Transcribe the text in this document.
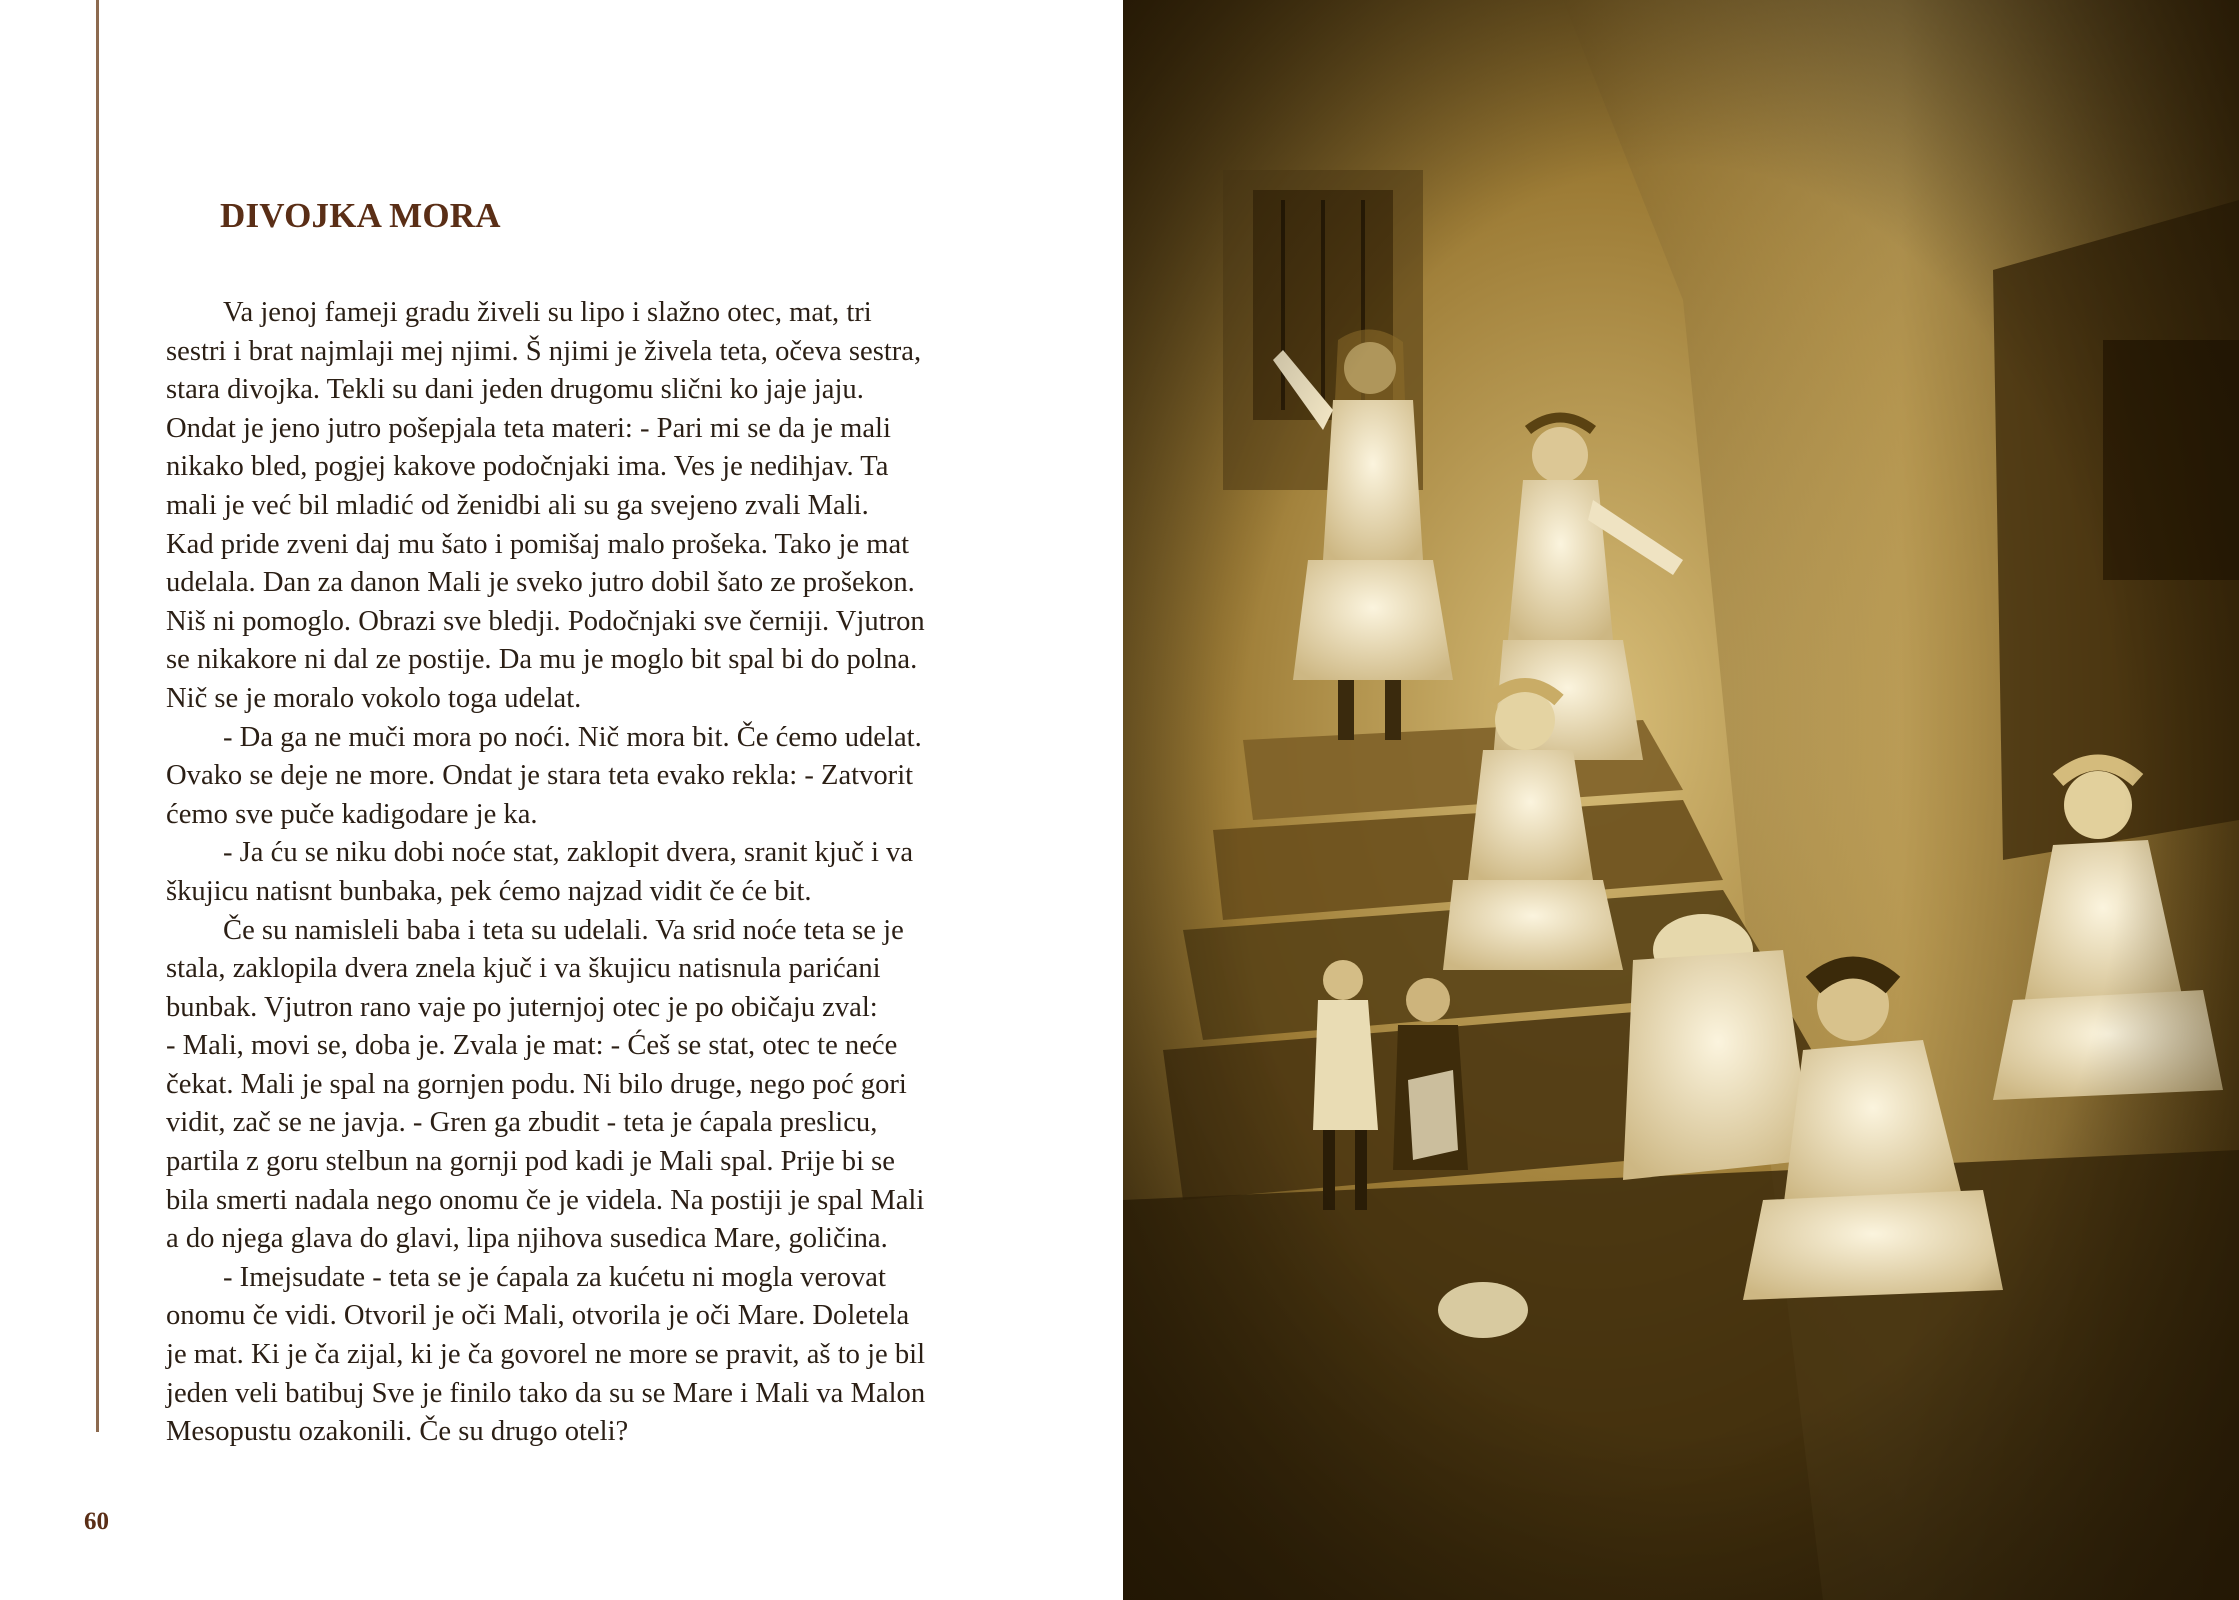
DIVOJKA MORA
Va jenoj fameji gradu živeli su lipo i slažno otec, mat, tri
sestri i brat najmlaji mej njimi. Š njimi je živela teta, očeva sestra,
stara divojka. Tekli su dani jeden drugomu slični ko jaje jaju.
Ondat je jeno jutro pošepjala teta materi: - Pari mi se da je mali
nikako bled, pogjej kakove podočnjaki ima. Ves je nedihjav. Ta
mali je već bil mladić od ženidbi ali su ga svejeno zvali Mali.
Kad pride zveni daj mu šato i pomišaj malo prošeka. Tako je mat
udelala. Dan za danon Mali je sveko jutro dobil šato ze prošekon.
Niš ni pomoglo. Obrazi sve bledji. Podočnjaki sve černiji. Vjutron
se nikakore ni dal ze postije. Da mu je moglo bit spal bi do polna.
Nič se je moralo vokolo toga udelat.
- Da ga ne muči mora po noći. Nič mora bit. Če ćemo udelat.
Ovako se deje ne more. Ondat je stara teta evako rekla: - Zatvorit
ćemo sve puče kadigodare je ka.
- Ja ću se niku dobi noće stat, zaklopit dvera, sranit kjuč i va
škujicu natisnt bunbaka, pek ćemo najzad vidit če će bit.
Če su namisleli baba i teta su udelali. Va srid noće teta se je
stala, zaklopila dvera znela kjuč i va škujicu natisnula parićani
bunbak. Vjutron rano vaje po juternjoj otec je po običaju zval:
- Mali, movi se, doba je. Zvala je mat: - Ćeš se stat, otec te neće
čekat. Mali je spal na gornjen podu. Ni bilo druge, nego poć gori
vidit, zač se ne javja. - Gren ga zbudit - teta je ćapala preslicu,
partila z goru stelbun na gornji pod kadi je Mali spal. Prije bi se
bila smerti nadala nego onomu če je videla. Na postiji je spal Mali
a do njega glava do glavi, lipa njihova susedica Mare, goličina.
- Imejsudate - teta se je ćapala za kućetu ni mogla verovat
onomu če vidi. Otvoril je oči Mali, otvorila je oči Mare. Doletela
je mat. Ki je ča zijal, ki je ča govorel ne more se pravit, aš to je bil
jeden veli batibuj Sve je finilo tako da su se Mare i Mali va Malon
Mesopustu ozakonili. Če su drugo oteli?
60
